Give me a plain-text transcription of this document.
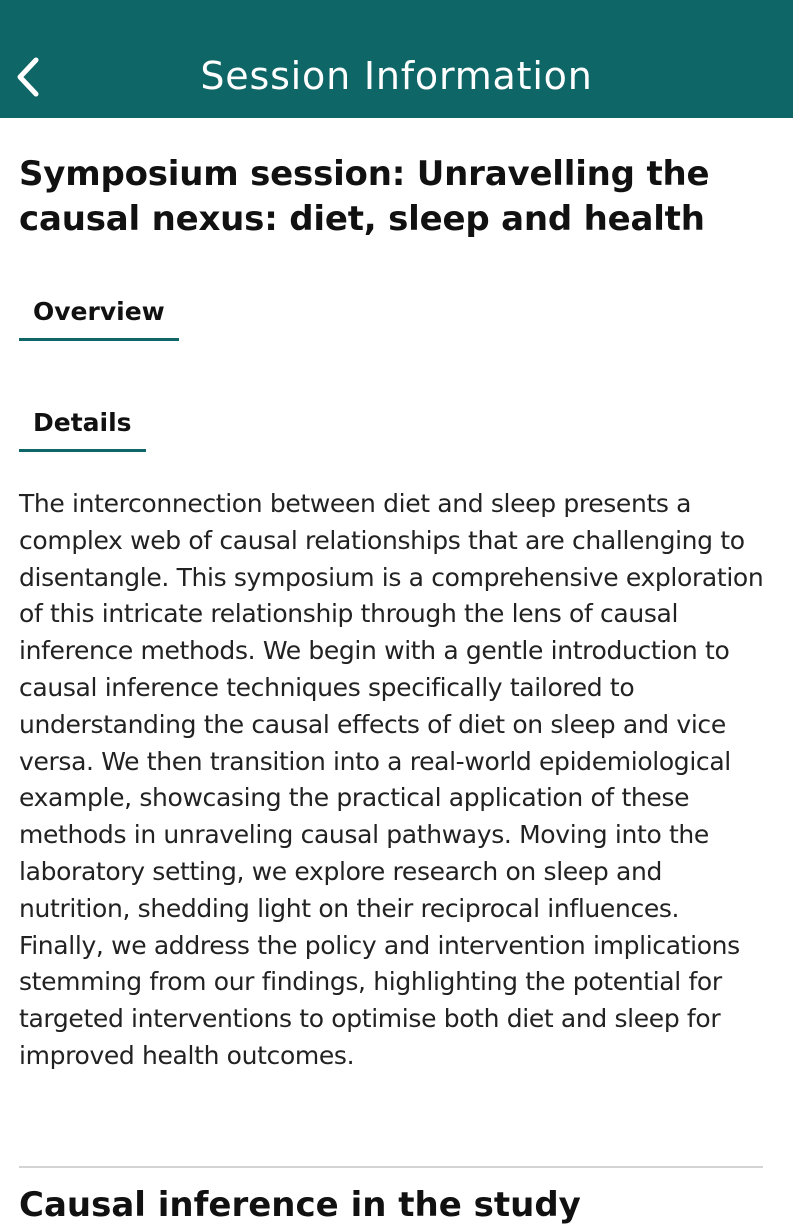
Session Information
Symposium session: Unravelling the causal nexus: diet, sleep and health
Overview
Details

The interconnection between diet and sleep presents a complex web of causal relationships that are challenging to disentangle. This symposium is a comprehensive exploration of this intricate relationship through the lens of causal inference methods. We begin with a gentle introduction to causal inference techniques specifically tailored to understanding the causal effects of diet on sleep and vice versa. We then transition into a real-world epidemiological example, showcasing the practical application of these methods in unraveling causal pathways. Moving into the laboratory setting, we explore research on sleep and nutrition, shedding light on their reciprocal influences. Finally, we address the policy and intervention implications stemming from our findings, highlighting the potential for targeted interventions to optimise both diet and sleep for improved health outcomes.

Causal inference in the study
